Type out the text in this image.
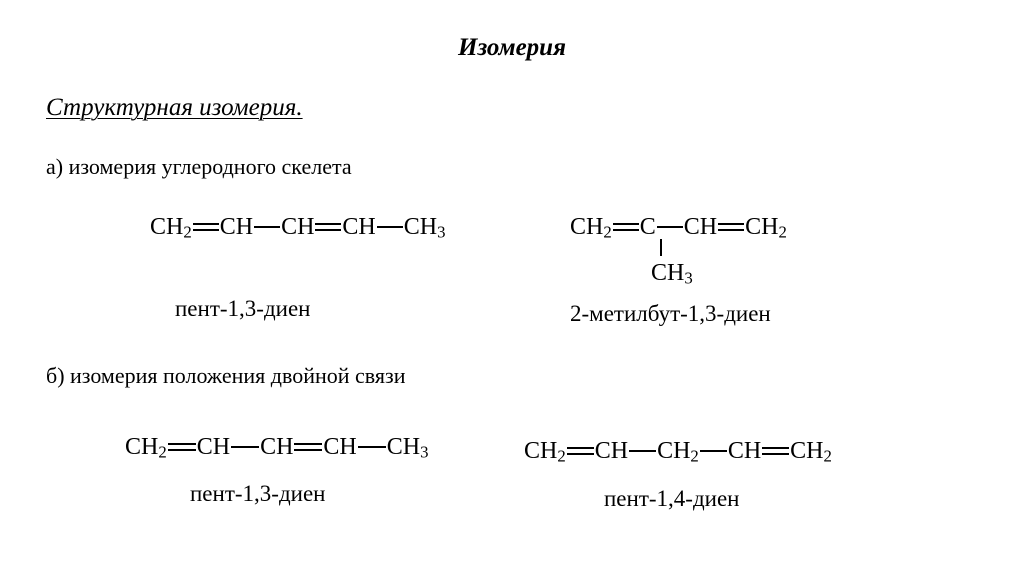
Изомерия
Структурная изомерия.
а) изомерия углеродного скелета
$CH_2$ CH CH CH $CH_3$
пент-1,3-диен
$CH_2$ C CH $CH_2$
$CH_3$
2-метилбут-1,3-диен
б) изомерия положения двойной связи
$CH_2$ CH CH CH $CH_3$
пент-1,3-диен
$CH_2$ CH $CH_2$ CH $CH_2$
пент-1,4-диен
